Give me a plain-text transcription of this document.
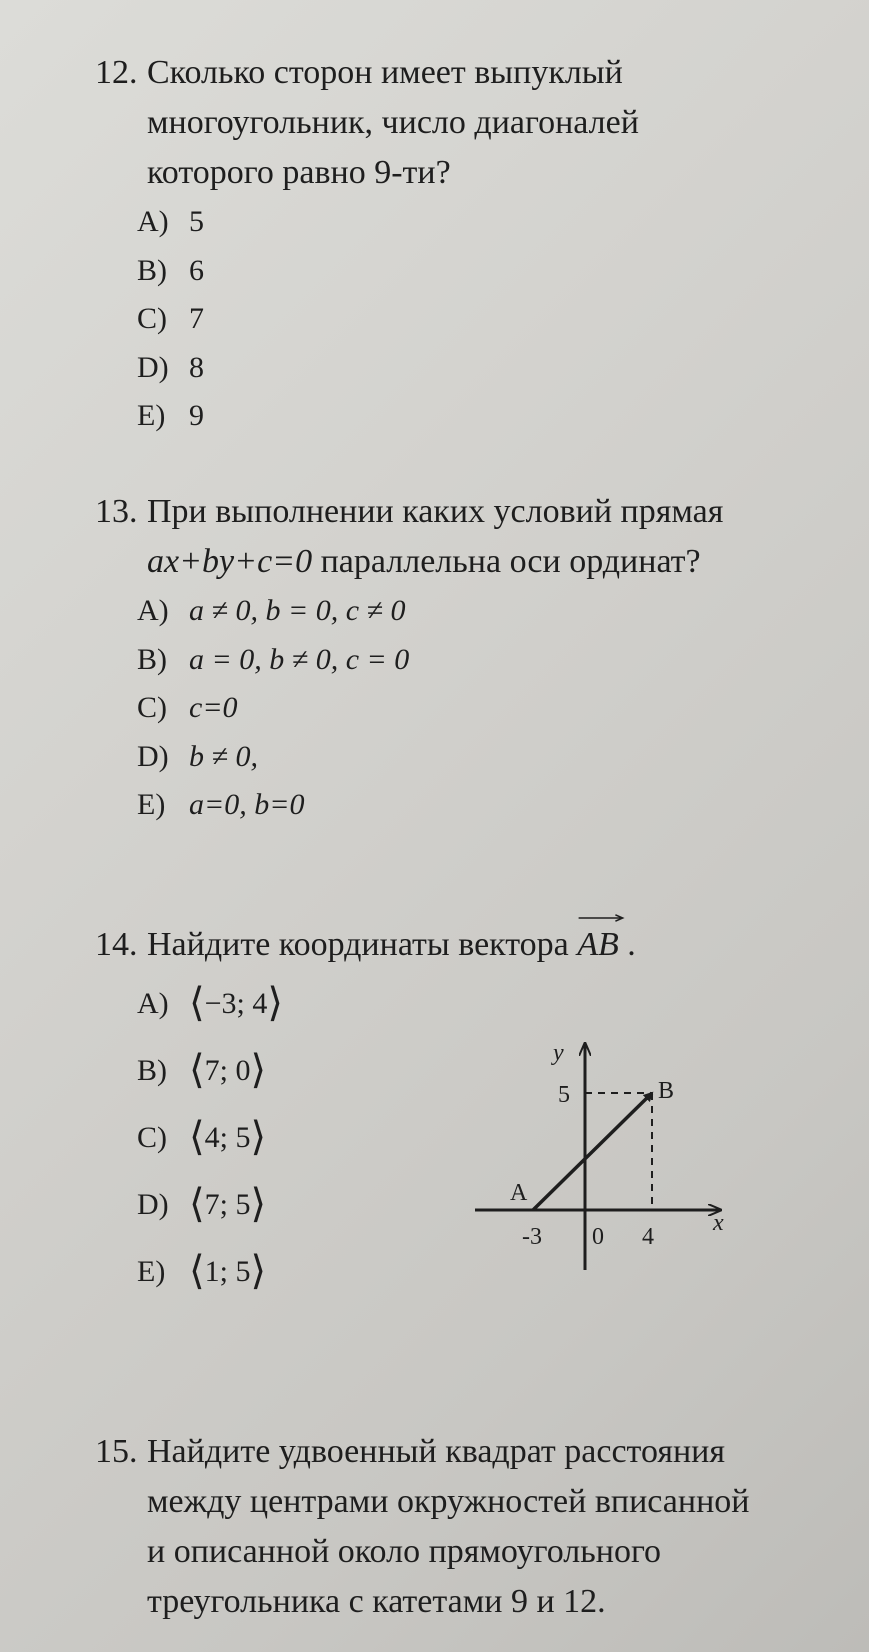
12. Сколько сторон имеет выпуклый
многоугольник, число диагоналей
которого равно 9-ти?

A) 5
B) 6
C) 7
D) 8
E) 9

13. При выполнении каких условий прямая
ax+by+c=0 параллельна оси ординат?

A) a ≠ 0, b = 0, c ≠ 0
B) a = 0, b ≠ 0, c = 0
C) c=0
D) b ≠ 0,
E) a=0, b=0

14. Найдите координаты вектора AB .

A) ⟨−3; 4⟩
B) ⟨7; 0⟩
C) ⟨4; 5⟩
D) ⟨7; 5⟩
E) ⟨1; 5⟩
y
x
5	B
A
-3 0 4

15. Найдите удвоенный квадрат расстояния
между центрами окружностей вписанной
и описанной около прямоугольного
треугольника с катетами 9 и 12.
